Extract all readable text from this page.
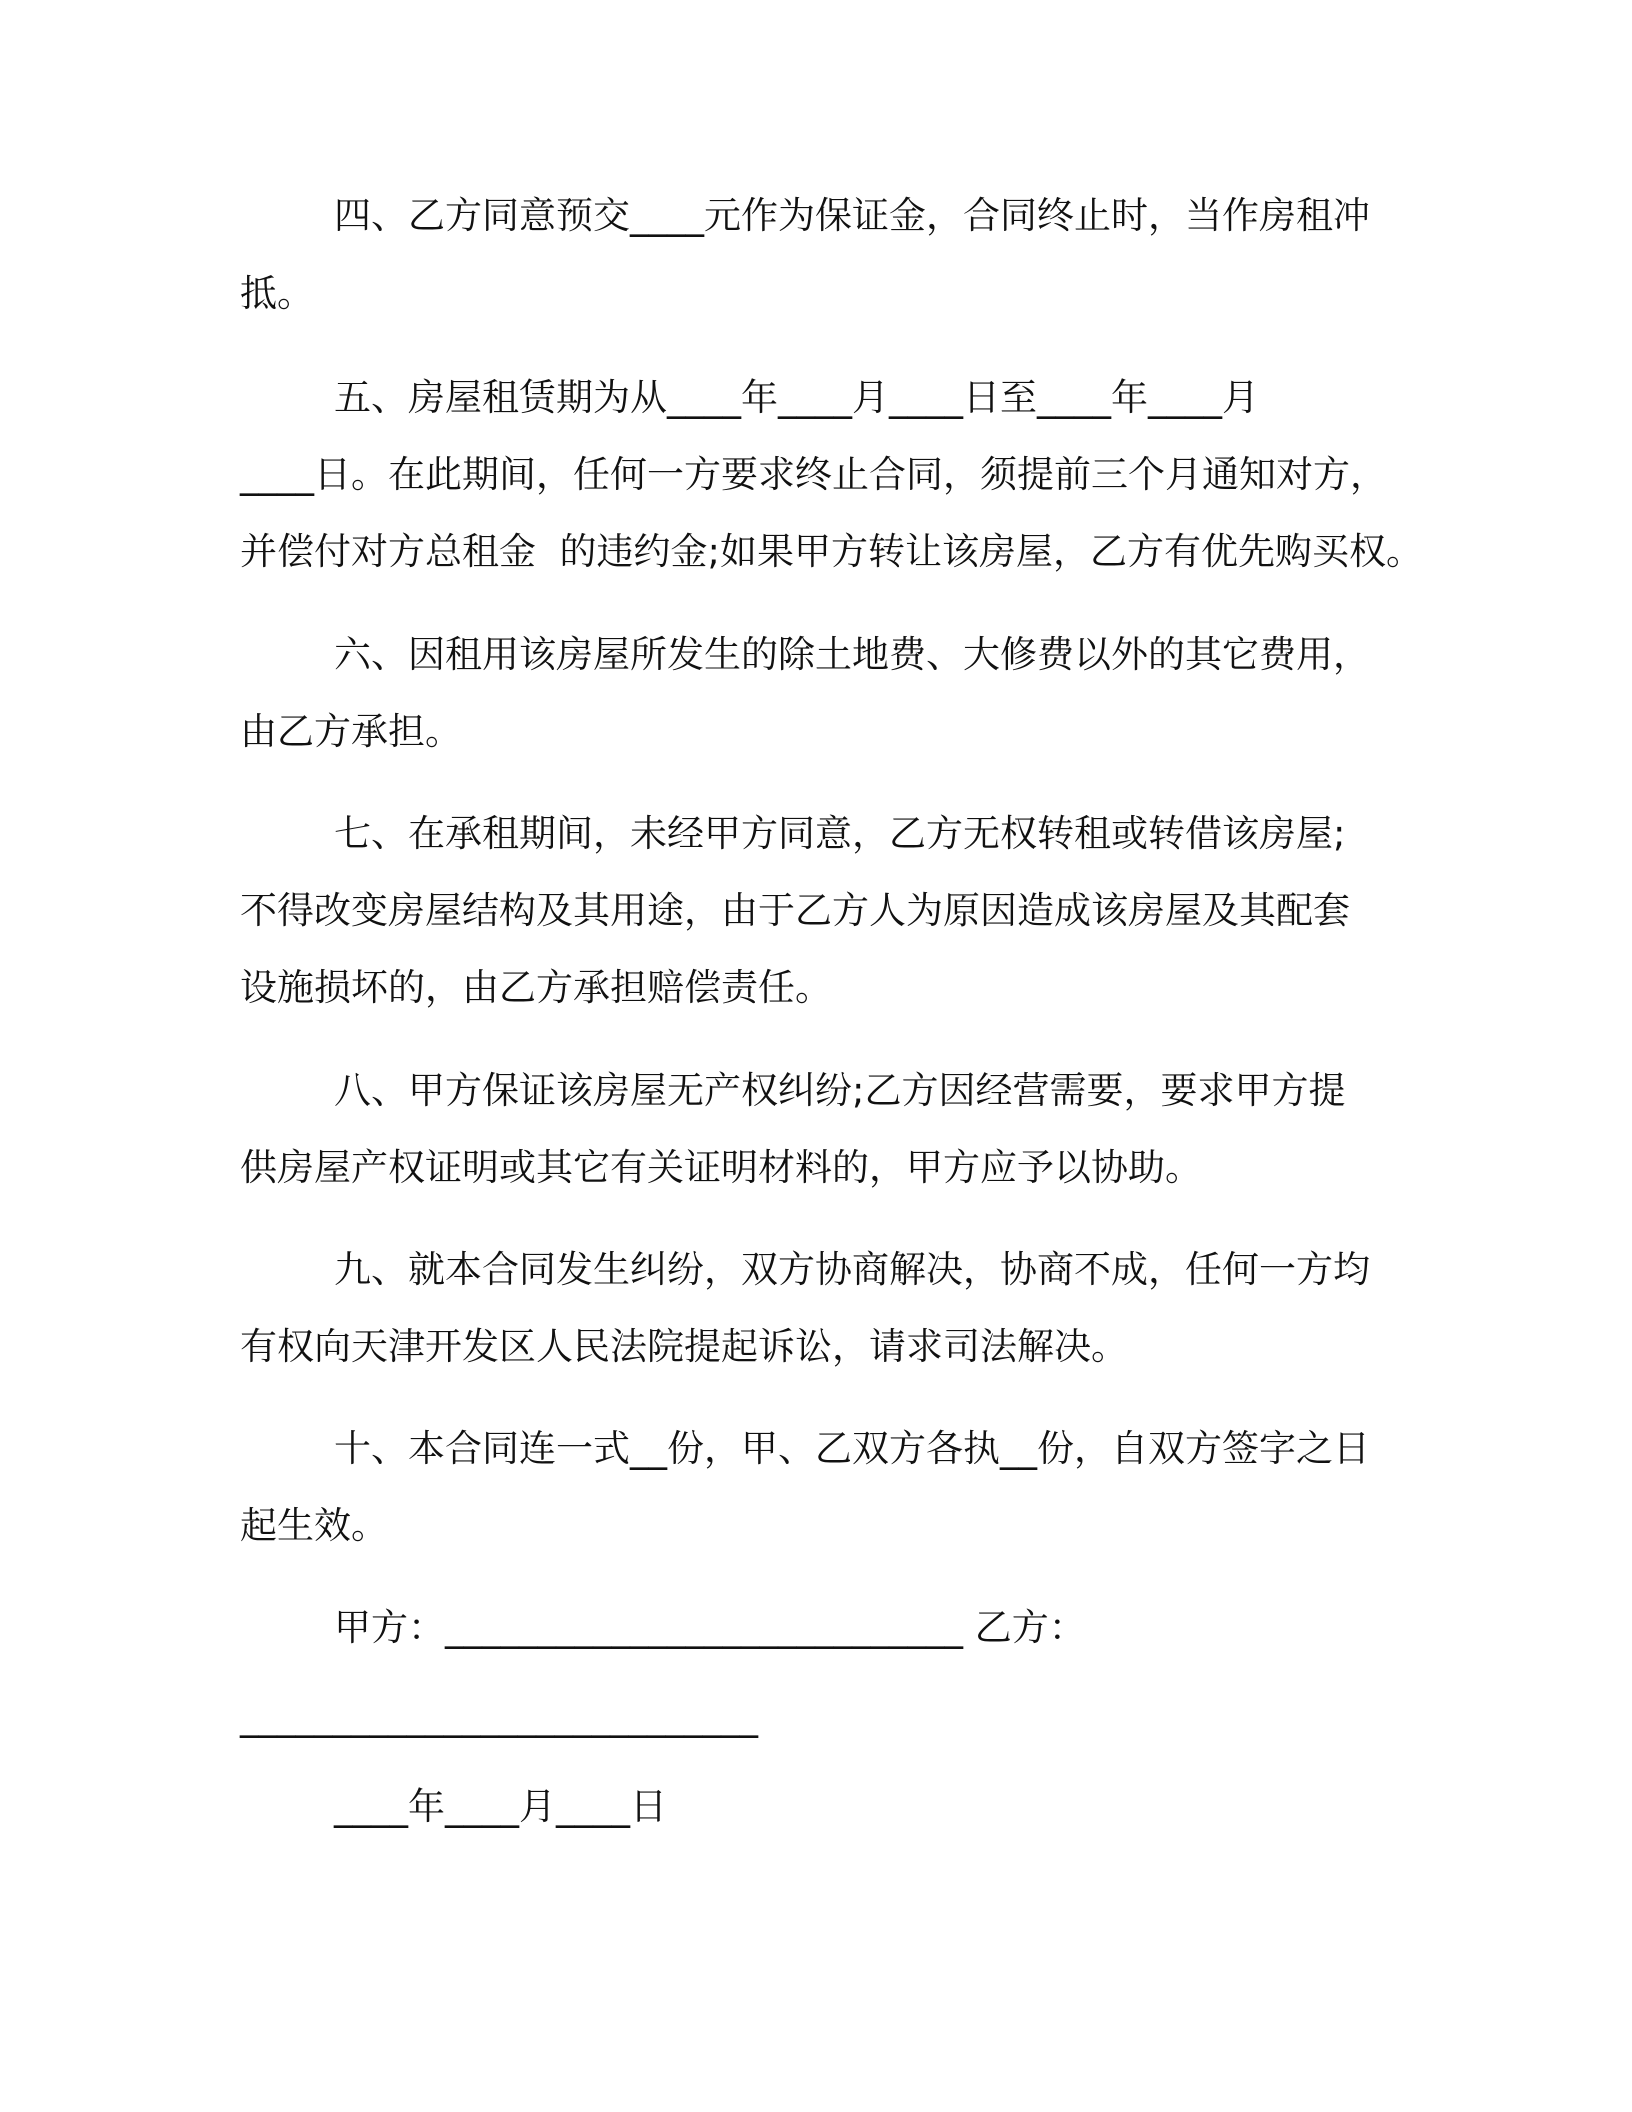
四、乙方同意预交____元作为保证金，合同终止时，当作房租冲
抵。
五、房屋租赁期为从____年____月____日至____年____月
____日。在此期间，任何一方要求终止合同，须提前三个月通知对方，
并偿付对方总租金  的违约金;如果甲方转让该房屋，乙方有优先购买权。
六、因租用该房屋所发生的除土地费、大修费以外的其它费用，
由乙方承担。
七、在承租期间，未经甲方同意，乙方无权转租或转借该房屋;
不得改变房屋结构及其用途，由于乙方人为原因造成该房屋及其配套
设施损坏的，由乙方承担赔偿责任。
八、甲方保证该房屋无产权纠纷;乙方因经营需要，要求甲方提
供房屋产权证明或其它有关证明材料的，甲方应予以协助。
九、就本合同发生纠纷，双方协商解决，协商不成，任何一方均
有权向天津开发区人民法院提起诉讼，请求司法解决。
十、本合同连一式__份，甲、乙双方各执__份，自双方签字之日
起生效。
甲方：____________________________ 乙方：
____________________________
____年____月____日
